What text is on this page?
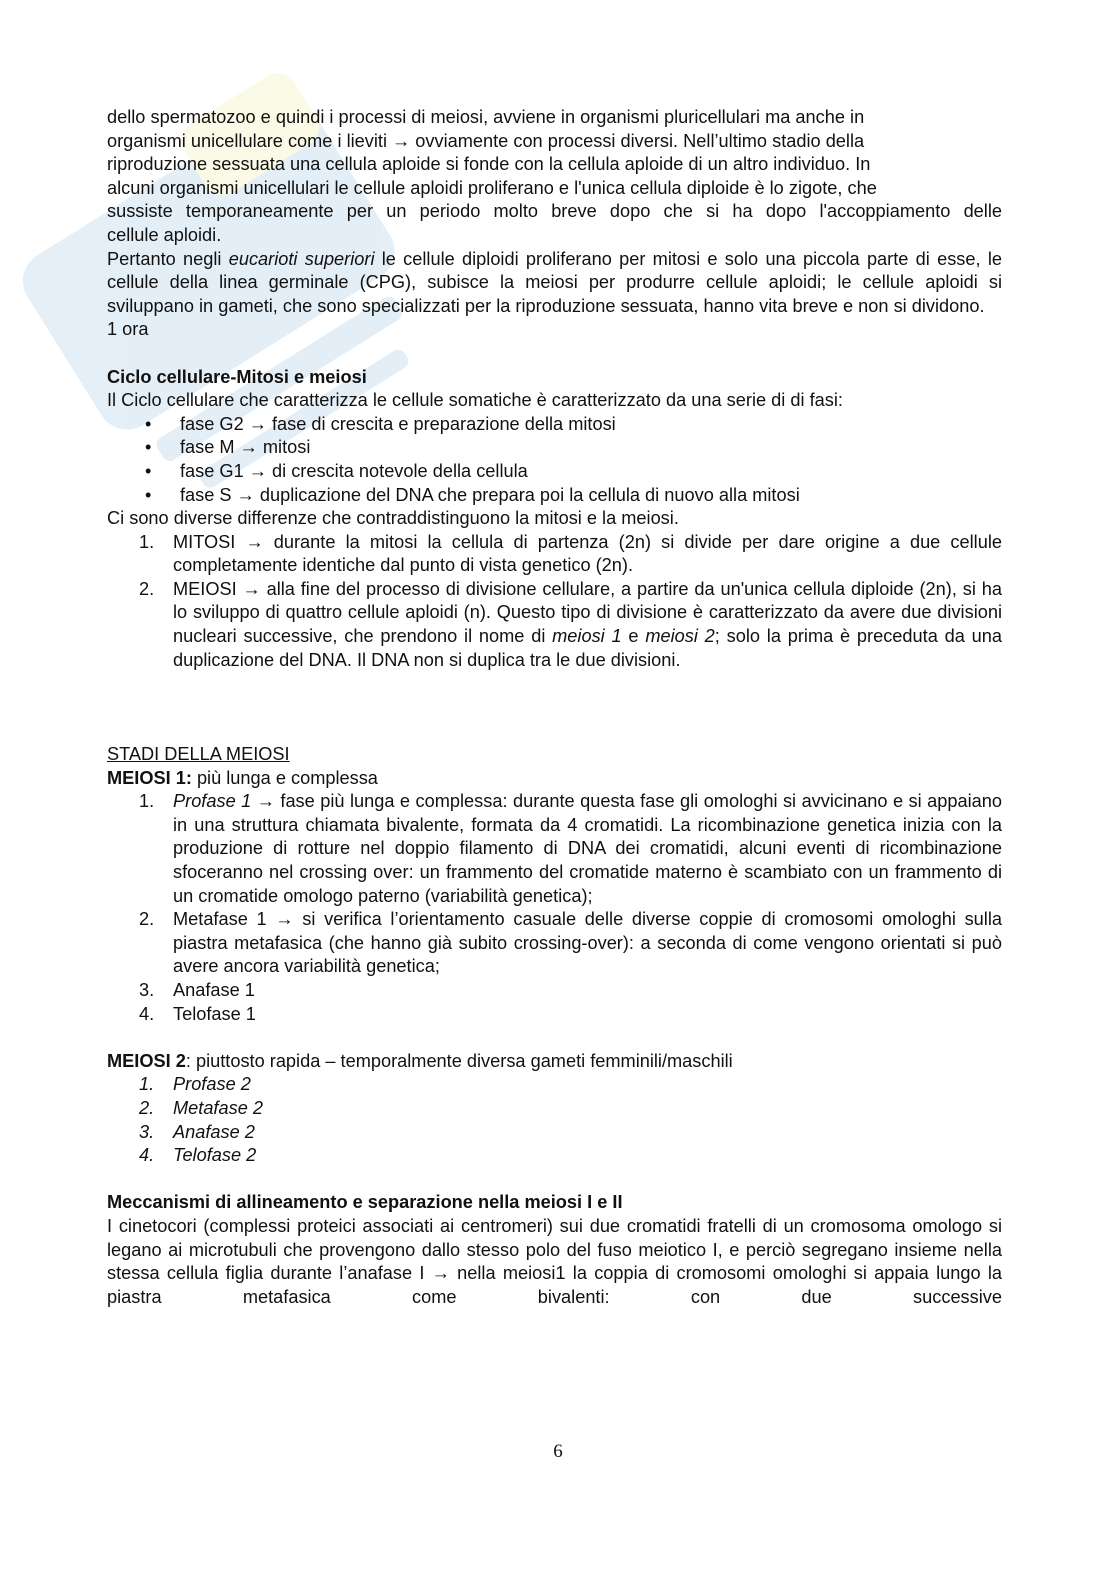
dello spermatozoo e quindi i processi di meiosi, avviene in organismi pluricellulari ma anche in

organismi unicellulare come i lieviti → ovviamente con processi diversi. Nell’ultimo stadio della

riproduzione sessuata una cellula aploide si fonde con la cellula aploide di un altro individuo. In

alcuni organismi unicellulari le cellule aploidi proliferano e l'unica cellula diploide è lo zigote, che

sussiste temporaneamente per un periodo molto breve dopo che si ha dopo l'accoppiamento delle

cellule aploidi.

Pertanto negli eucarioti superiori le cellule diploidi proliferano per mitosi e solo una piccola parte di esse, le cellule della linea germinale (CPG), subisce la meiosi per produrre cellule aploidi; le cellule aploidi si sviluppano in gameti, che sono specializzati per la riproduzione sessuata, hanno vita breve e non si dividono.

1 ora

Ciclo cellulare-Mitosi e meiosi

Il Ciclo cellulare che caratterizza le cellule somatiche è caratterizzato da una serie di di fasi:

• fase G2 → fase di crescita e preparazione della mitosi
• fase M → mitosi
• fase G1 → di crescita notevole della cellula
• fase S → duplicazione del DNA che prepara poi la cellula di nuovo alla mitosi

Ci sono diverse differenze che contraddistinguono la mitosi e la meiosi.

1. MITOSI → durante la mitosi la cellula di partenza (2n) si divide per dare origine a due cellule completamente identiche dal punto di vista genetico (2n).
2. MEIOSI → alla fine del processo di divisione cellulare, a partire da un'unica cellula diploide (2n), si ha lo sviluppo di quattro cellule aploidi (n). Questo tipo di divisione è caratterizzato da avere due divisioni nucleari successive, che prendono il nome di meiosi 1 e meiosi 2; solo la prima è preceduta da una duplicazione del DNA. Il DNA non si duplica tra le due divisioni.

STADI DELLA MEIOSI

MEIOSI 1: più lunga e complessa

1. Profase 1 → fase più lunga e complessa: durante questa fase gli omologhi si avvicinano e si appaiano in una struttura chiamata bivalente, formata da 4 cromatidi. La ricombinazione genetica inizia con la produzione di rotture nel doppio filamento di DNA dei cromatidi, alcuni eventi di ricombinazione sfoceranno nel crossing over: un frammento del cromatide materno è scambiato con un frammento di un cromatide omologo paterno (variabilità genetica);
2. Metafase 1 → si verifica l’orientamento casuale delle diverse coppie di cromosomi omologhi sulla piastra metafasica (che hanno già subito crossing-over): a seconda di come vengono orientati si può avere ancora variabilità genetica;
3. Anafase 1
4. Telofase 1

MEIOSI 2: piuttosto rapida – temporalmente diversa gameti femminili/maschili

1. Profase 2
2. Metafase 2
3. Anafase 2
4. Telofase 2
Meccanismi di allineamento e separazione nella meiosi I e II

I cinetocori (complessi proteici associati ai centromeri) sui due cromatidi fratelli di un cromosoma omologo si legano ai microtubuli che provengono dallo stesso polo del fuso meiotico I, e perciò segregano insieme nella stessa cellula figlia durante l’anafase I → nella meiosi1 la coppia di cromosomi omologhi si appaia lungo la piastra metafasica come bivalenti: con due successive

6
